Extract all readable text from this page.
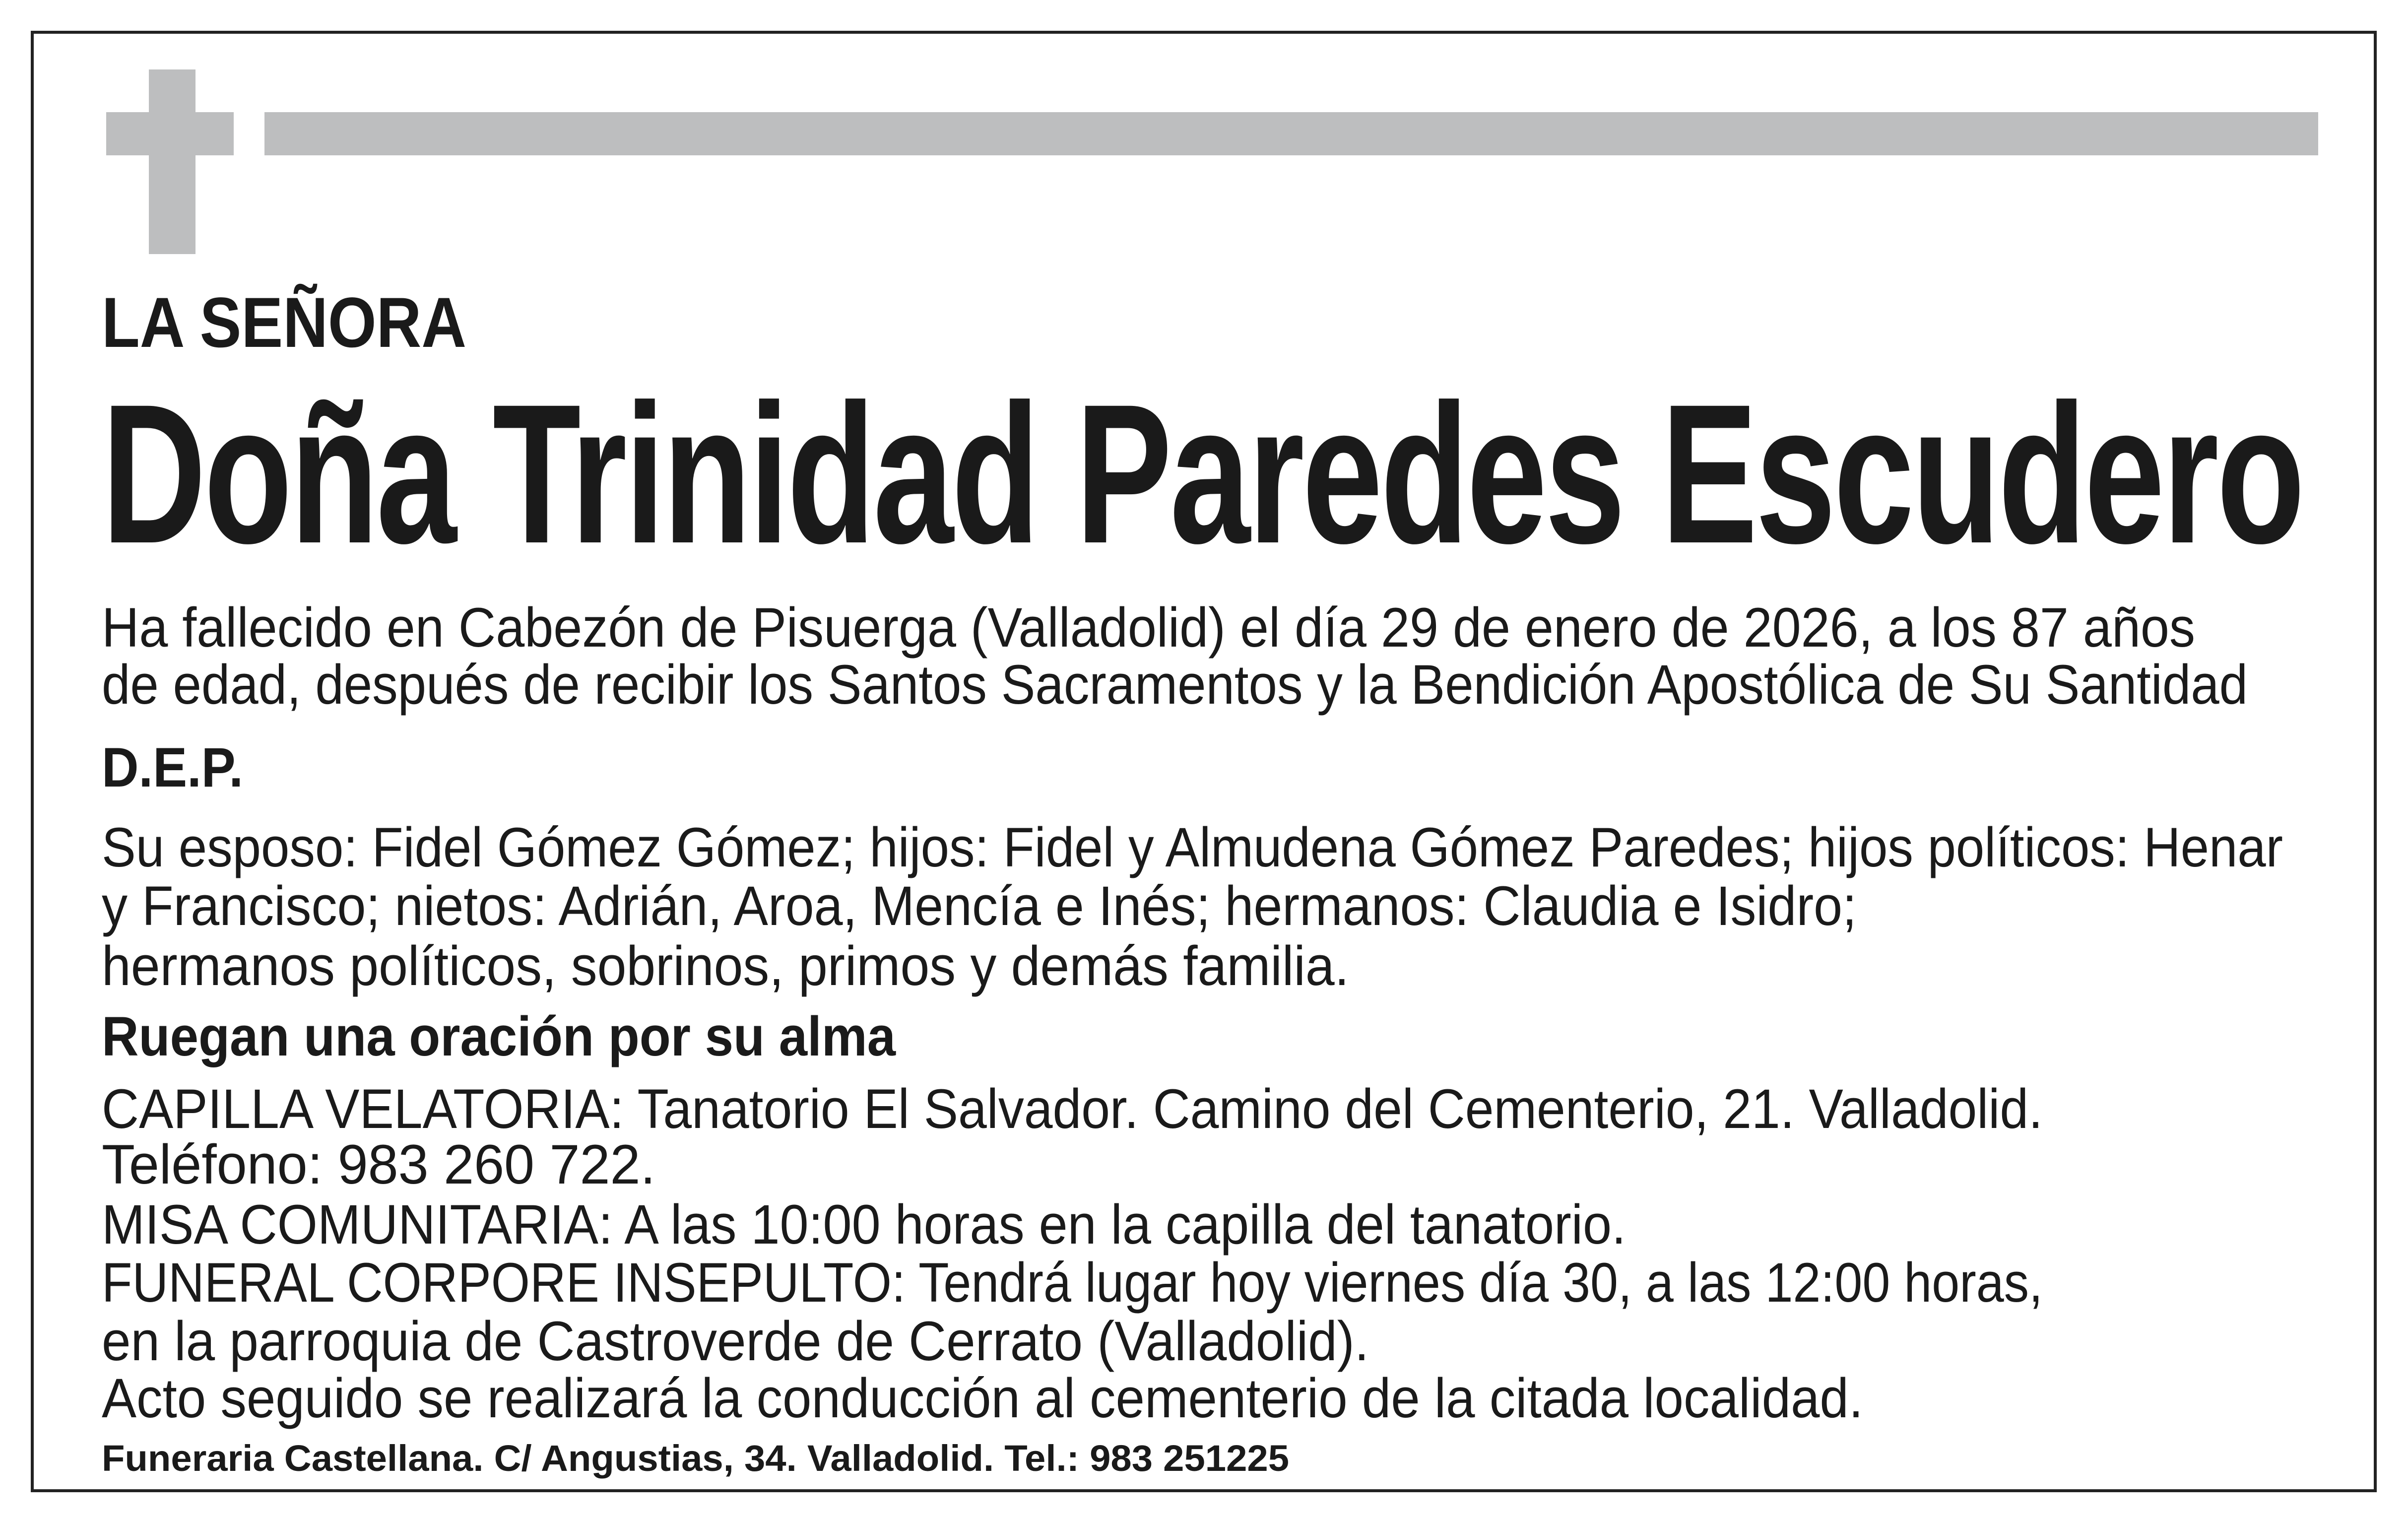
LA SEÑORA
Doña Trinidad Paredes Escudero
Ha fallecido en Cabezón de Pisuerga (Valladolid) el día 29 de enero de 2026, a los 87 años
de edad, después de recibir los Santos Sacramentos y la Bendición Apostólica de Su Santidad
D.E.P.
Su esposo: Fidel Gómez Gómez; hijos: Fidel y Almudena Gómez Paredes; hijos políticos: Henar
y Francisco; nietos: Adrián, Aroa, Mencía e Inés; hermanos: Claudia e Isidro;
hermanos políticos, sobrinos, primos y demás familia.
Ruegan una oración por su alma
CAPILLA VELATORIA: Tanatorio El Salvador. Camino del Cementerio, 21. Valladolid.
Teléfono: 983 260 722.
MISA COMUNITARIA: A las 10:00 horas en la capilla del tanatorio.
FUNERAL CORPORE INSEPULTO: Tendrá lugar hoy viernes día 30, a las 12:00 horas,
en la parroquia de Castroverde de Cerrato (Valladolid).
Acto seguido se realizará la conducción al cementerio de la citada localidad.
Funeraria Castellana. C/ Angustias, 34. Valladolid. Tel.: 983 251225
